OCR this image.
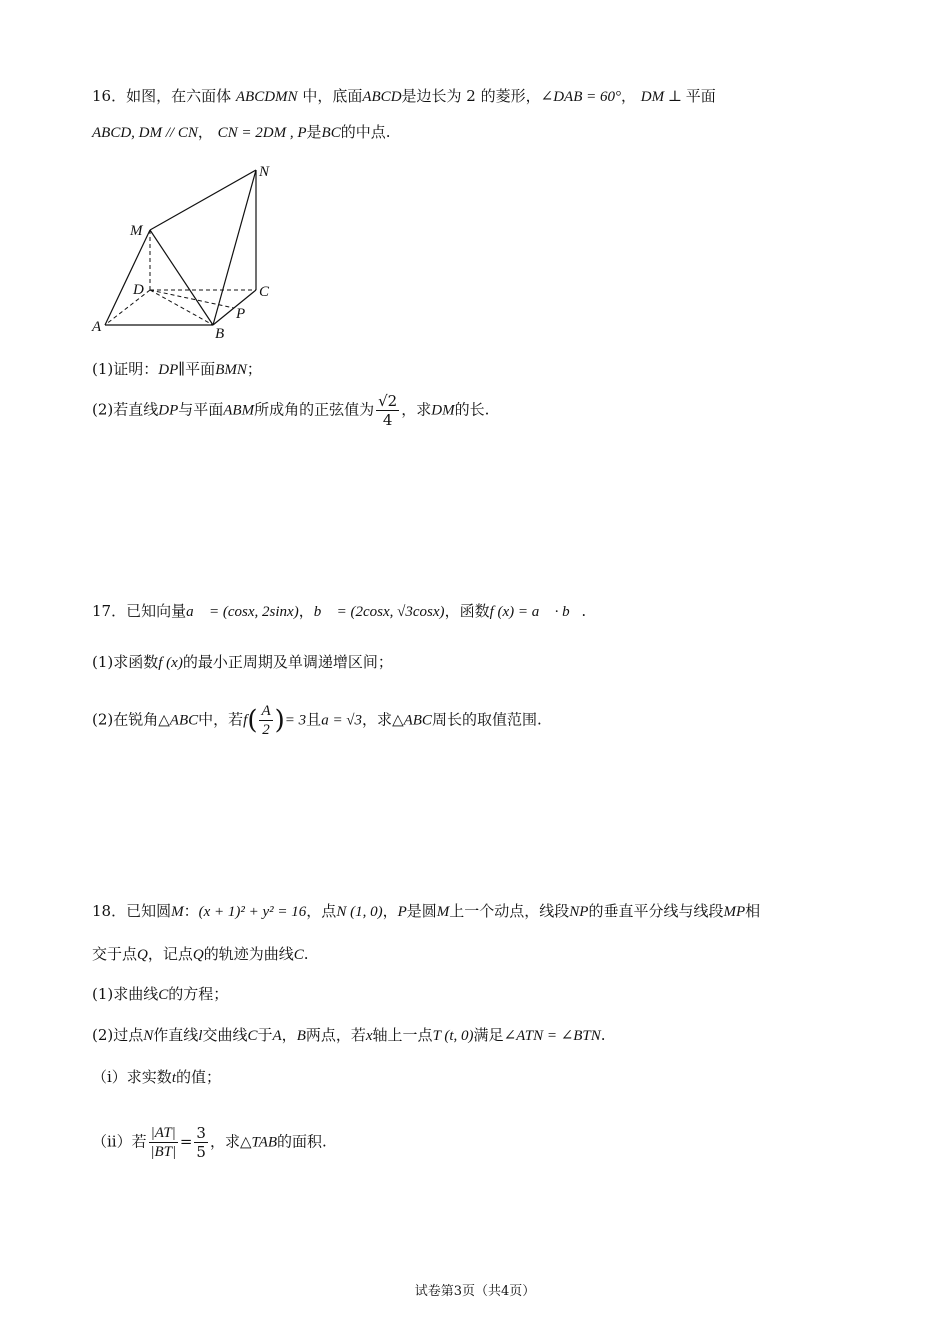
16．如图，在六面体 ABCDMN 中，底面ABCD是边长为 2 的菱形，∠DAB = 60°， DM ⊥ 平面
ABCD, DM // CN， CN = 2DM , P是BC的中点.
N
M
D	C
A	B
P
(1)证明：DP∥平面BMN；
(2)若直线DP与平面ABM所成角的正弦值为 $\frac{√2}{4}$ ，求DM的长.
17．已知向量a⃗ = (cosx, 2sinx)，b⃗ = (2cosx, √3cosx)，函数f (x) = a⃗ · b⃗.
(1)求函数f (x)的最小正周期及单调递增区间；
(2)在锐角△ABC中，若$f( \frac{A}{2}$ )= 3且a = √3，求△ABC周长的取值范围.
18．已知圆M：(x + 1)² + y² = 16，点N (1, 0)，P是圆M上一个动点，线段NP的垂直平分线与线段MP相
交于点Q，记点Q的轨迹为曲线C.
(1)求曲线C的方程；
(2)过点N作直线l交曲线C于A，B两点，若x轴上一点T (t, 0)满足∠ATN = ∠BTN.
（i）求实数t的值；
（ii）若 $\frac{|AT|}{|BT|} = \frac{3}{5}$ ，求△TAB的面积.
试卷第3页（共4页）
